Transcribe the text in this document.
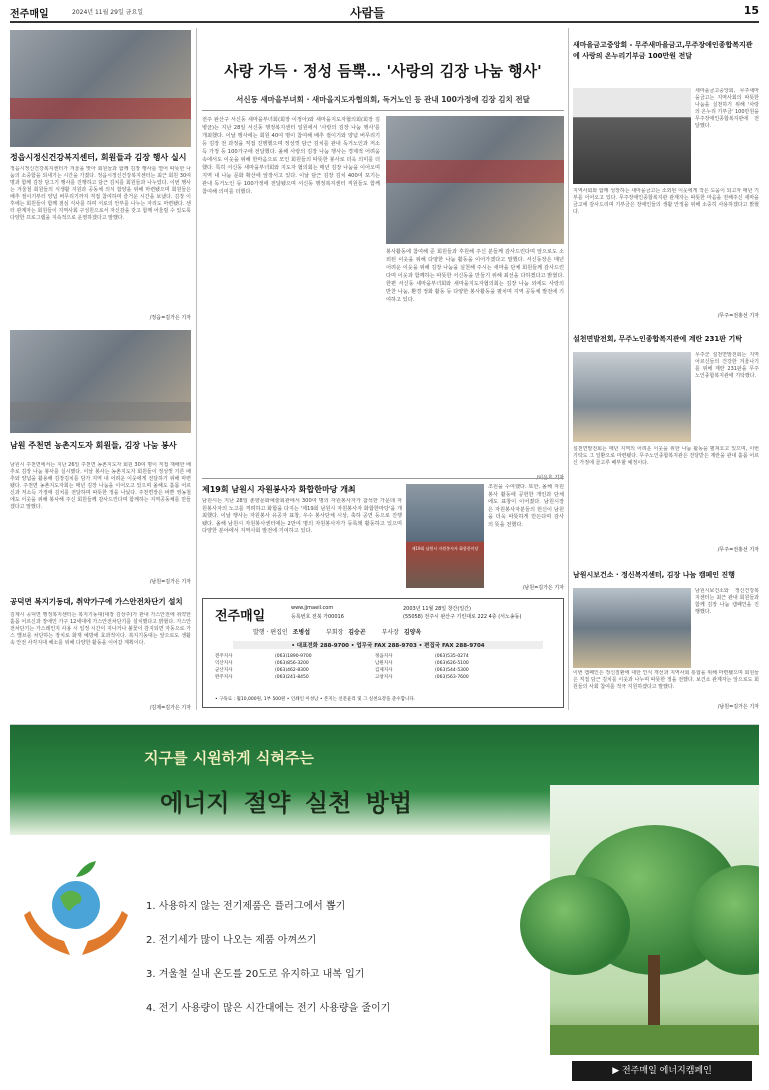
전주매일	2024년 11월 29일 금요일	사람들	15
정읍시정신건강복지센터, 회원들과 김장 행사 실시
정읍시정신건강복지센터가 겨울을 맞아 회원들과 함께 김장 행사를 열어 따뜻한 나눔의 소중함을 되새기는 시간을 가졌다. 정읍시정신건강복지센터는 최근 회원 30여 명과 함께 김장 담그기 행사를 진행하고 담근 김치를 회원들과 나누었다. 이번 행사는 겨울철 회원들의 식생활 지원과 공동체 의식 함양을 위해 마련됐으며 회원들은 배추 절이기부터 양념 버무리기까지 직접 참여하며 즐거운 시간을 보냈다. 김장 이후에는 회원들이 함께 점심 식사를 하며 서로의 안부를 나누는 자리도 마련됐다. 센터 관계자는 회원들이 지역사회 구성원으로서 자신감을 갖고 함께 어울릴 수 있도록 다양한 프로그램을 지속적으로 운영하겠다고 말했다.
/정읍=김가은 기자
남원 주천면 농촌지도자 회원들, 김장 나눔 봉사
남원시 주천면에서는 지난 26일 주천면 농촌지도자 회원 30여 명이 직접 재배한 배추로 김장 나눔 봉사를 실시했다. 이날 봉사는 농촌지도자 회원들이 정성껏 기른 배추와 양념을 활용해 김장김치를 담가 지역 내 어려운 이웃에게 전달하기 위해 마련됐다. 주천면 농촌지도자회는 매년 김장 나눔을 이어오고 있으며 올해도 홀몸 어르신과 저소득 가정에 김치를 전달하며 따뜻한 정을 나눴다. 주천면장은 바쁜 영농철에도 이웃을 위해 봉사해 주신 회원들께 감사드린다며 함께하는 지역공동체를 만들겠다고 말했다.
/남원=김가은 기자
공덕면 복지기동대, 취약가구에 가스안전차단기 설치
김제시 공덕면 행정복지센터는 복지기동대(대장 김상주)가 관내 가스안전에 취약한 홀몸 어르신과 장애인 가구 12세대에 가스안전차단기를 설치했다고 밝혔다. 가스안전차단기는 가스레인지 사용 시 일정 시간이 지나거나 불꽃이 감지되면 자동으로 가스 밸브를 차단하는 장치로 화재 예방에 효과적이다. 복지기동대는 앞으로도 생활 속 안전 사각지대 해소를 위해 다양한 활동을 이어갈 계획이다.
/김제=김가은 기자
사랑 가득 · 정성 듬뿍… '사랑의 김장 나눔 행사'
서신동 새마을부녀회 · 새마을지도자협의회, 독거노인 등 관내 100가정에 김장 김치 전달
전주 완산구 서신동 새마을부녀회(회장 이정아)와 새마을지도자협의회(회장 김병균)는 지난 28일 서신동 행정복지센터 일원에서 '사랑의 김장 나눔 행사'를 개최했다. 이날 행사에는 회원 40여 명이 참여해 배추 절이기와 양념 버무리기 등 김장 전 과정을 직접 진행했으며 정성껏 담근 김치를 관내 독거노인과 저소득 가정 등 100가구에 전달했다. 올해 사랑의 김장 나눔 행사는 경제적 어려움 속에서도 이웃을 위해 한마음으로 모인 회원들의 따뜻한 봉사로 더욱 의미를 더했다. 특히 서신동 새마을부녀회와 지도자 협의회는 매년 김장 나눔을 이어오며 지역 내 나눔 문화 확산에 앞장서고 있다. 이날 담근 김장 김치 400여 포기는 관내 독거노인 등 100가정에 전달됐으며 서신동 행정복지센터 직원들도 함께 참여해 의미를 더했다.
봉사활동에 참여해 준 회원들과 후원해 주신 분들께 감사드린다며 앞으로도 소외된 이웃을 위해 다양한 나눔 활동을 이어가겠다고 말했다. 서신동장은 매년 어려운 이웃을 위해 김장 나눔을 실천해 주시는 새마을 단체 회원들께 감사드린다며 이웃과 함께하는 따뜻한 서신동을 만들기 위해 최선을 다하겠다고 밝혔다. 한편 서신동 새마을부녀회와 새마을지도자협의회는 김장 나눔 외에도 사랑의 반찬 나눔, 환경 정화 활동 등 다양한 봉사활동을 펼치며 지역 공동체 발전에 기여하고 있다.
제19회 남원시 자원봉사자 화합한마당 개최
남원시는 지난 28일 춘향문화예술회관에서 300여 명의 자원봉사자가 참석한 가운데 자원봉사자의 노고를 격려하고 화합을 다지는 '제19회 남원시 자원봉사자 화합한마당'을 개최했다. 이날 행사는 자원봉사 유공자 표창, 우수 봉사단체 시상, 축하 공연 등으로 진행됐다. 올해 남원시 자원봉사센터에는 2만여 명의 자원봉사자가 등록돼 활동하고 있으며 다양한 분야에서 지역사회 발전에 기여하고 있다.
제19회 남원시 자원봉사자 화합한마당
조원을 수여했다. 또한, 올해 자원봉사 활동에 공헌한 개인과 단체에도 표창이 이어졌다. 남원시장은 자원봉사자분들의 헌신이 남원을 더욱 따뜻하게 만든다며 감사의 뜻을 전했다.
/남원=김가은 기자
전주매일
www.jjmaeil.com
등록번호 전북 가00016
2003년 11월 28일 창간(일간)
(55058) 전주시 완산구 기린대로 222 4층 (서노송동)
발행 · 편집인 조병섭	부회장 김승곤	부사장 김양옥
• 대표전화 288-9700 • 업무국 FAX 288-9703 • 편집국 FAX 288-9704
전주지사	(063)1890-9700	정읍지사	(063)535-0274
익산지사	(063)856-3200	남원지사	(063)626-5100
군산지사	(063)462-8300	김제지사	(063)544-5300
완주지사	(063)241-8450	고창지사	(063)563-7600
• 구독료 : 월10,000원, 1부 500원 • 인쇄인 이성남 • 본지는 신문윤리 및 그 실천요강을 준수합니다.
새마을금고중앙회 - 무주새마을금고,무주장애인종합복지관에 사랑의 온누리기부금 100만원 전달
새마을금고중앙회, 무주새마을금고는 지역사회의 따뜻한 나눔을 실천하기 위해 '사랑의 온누리 기부금' 100만원을 무주장애인종합복지관에 전달했다.
지역사회와 함께 성장하는 새마을금고는 소외된 이웃에게 작은 도움이 되고자 매년 기부를 이어오고 있다. 무주장애인종합복지관 관계자는 따뜻한 마음을 전해주신 새마을금고에 감사드리며 기부금은 장애인들의 생활 안정을 위해 소중히 사용하겠다고 밝혔다.
/무주=전홍선 기자
설천면발전회, 무주노인종합복지관에 계란 231판 기탁
무주군 설천면발전회는 지역 어르신들의 건강한 겨울나기를 위해 계란 231판을 무주노인종합복지관에 기탁했다.
설천면발전회는 매년 지역의 어려운 이웃을 위한 나눔 활동을 펼쳐오고 있으며, 이번 기탁도 그 일환으로 마련됐다. 무주노인종합복지관은 전달받은 계란을 관내 홀몸 어르신 가정에 골고루 배부할 예정이다.
/무주=전홍선 기자
남원시보건소 · 정신복지센터, 김장 나눔 캠페인 진행
남원시보건소와 정신건강복지센터는 최근 관내 회원들과 함께 김장 나눔 캠페인을 진행했다.
이번 캠페인은 정신질환에 대한 인식 개선과 지역사회 통합을 위해 마련됐으며 회원들은 직접 담근 김치를 이웃과 나누며 따뜻한 정을 전했다. 보건소 관계자는 앞으로도 회원들의 사회 참여를 적극 지원하겠다고 말했다.
/남원=김가은 기자
지구를 시원하게 식혀주는
에너지 절약 실천 방법
1. 사용하지 않는 전기제품은 플러그에서 뽑기
2. 전기세가 많이 나오는 제품 아껴쓰기
3. 겨울철 실내 온도를 20도로 유지하고 내복 입기
4. 전기 사용량이 많은 시간대에는 전기 사용량을 줄이기
▶ 전주매일 에너지캠페인
